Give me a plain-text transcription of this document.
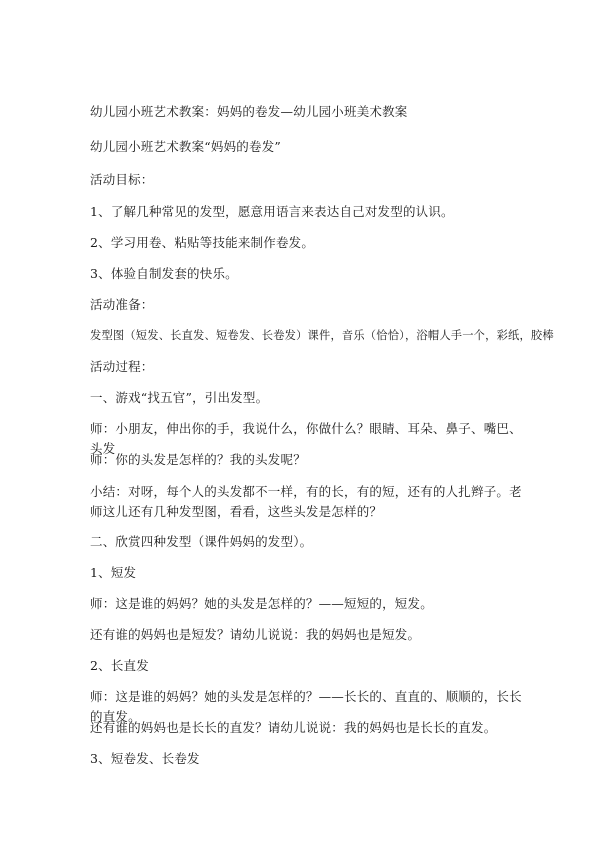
幼儿园小班艺术教案：妈妈的卷发—幼儿园小班美术教案

幼儿园小班艺术教案“妈妈的卷发”

活动目标：

1、了解几种常见的发型，愿意用语言来表达自己对发型的认识。

2、学习用卷、粘贴等技能来制作卷发。

3、体验自制发套的快乐。

活动准备：

发型图（短发、长直发、短卷发、长卷发）课件，音乐（恰恰），浴帽人手一个，彩纸，胶棒

活动过程：

一、游戏“找五官”，引出发型。

师：小朋友，伸出你的手，我说什么，你做什么？眼睛、耳朵、鼻子、嘴巴、头发

师：你的头发是怎样的？我的头发呢？

小结：对呀，每个人的头发都不一样，有的长，有的短，还有的人扎辫子。老师这儿还有几种发型图，看看，这些头发是怎样的？

二、欣赏四种发型（课件妈妈的发型）。

1、短发

师：这是谁的妈妈？她的头发是怎样的？——短短的，短发。

还有谁的妈妈也是短发？请幼儿说说：我的妈妈也是短发。

2、长直发

师：这是谁的妈妈？她的头发是怎样的？——长长的、直直的、顺顺的，长长的直发。

还有谁的妈妈也是长长的直发？请幼儿说说：我的妈妈也是长长的直发。

3、短卷发、长卷发
